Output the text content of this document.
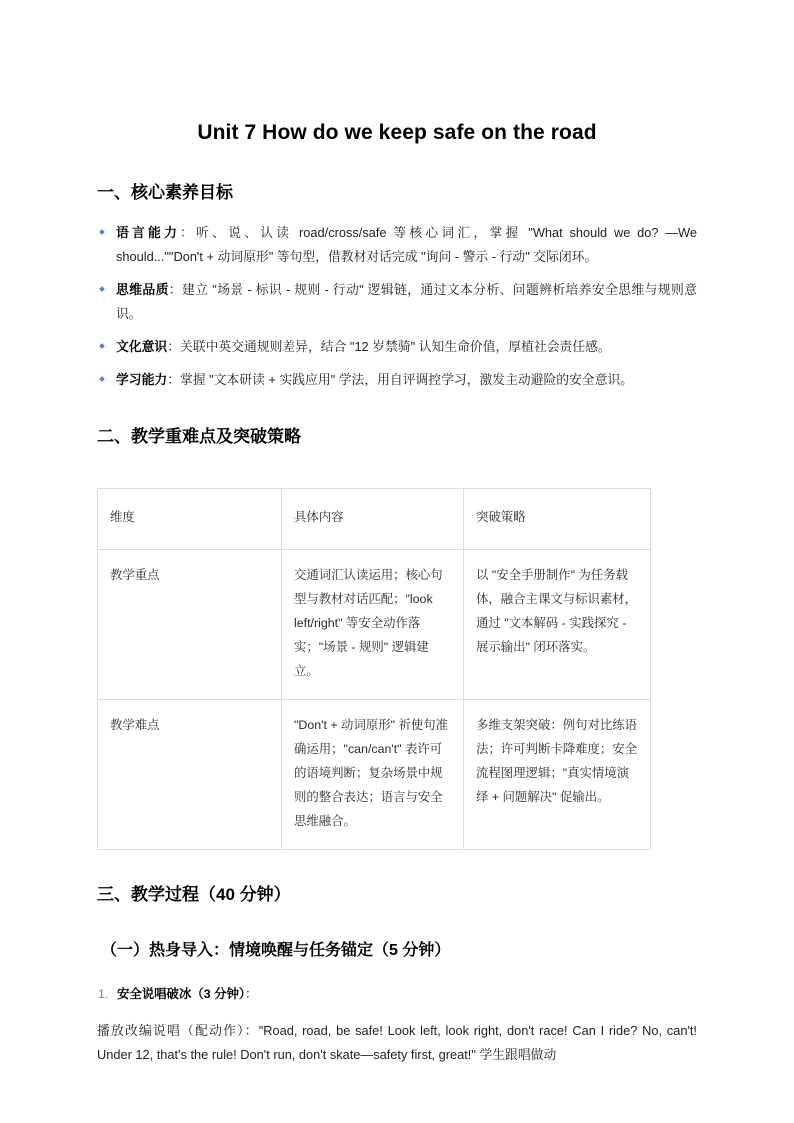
Unit 7 How do we keep safe on the road
一、核心素养目标
语言能力：听、说、认读 road/cross/safe 等核心词汇，掌握 "What should we do? —We should...""Don't + 动词原形" 等句型，借教材对话完成 "询问 - 警示 - 行动" 交际闭环。
思维品质：建立 "场景 - 标识 - 规则 - 行动" 逻辑链，通过文本分析、问题辨析培养安全思维与规则意识。
文化意识：关联中英交通规则差异，结合 "12 岁禁骑" 认知生命价值，厚植社会责任感。
学习能力：掌握 "文本研读 + 实践应用" 学法，用自评调控学习，激发主动避险的安全意识。
二、教学重难点及突破策略
维度	具体内容	突破策略
教学重点	交通词汇认读运用；核心句型与教材对话匹配；"look left/right" 等安全动作落实；"场景 - 规则" 逻辑建立。	以 "安全手册制作" 为任务载体，融合主课文与标识素材，通过 "文本解码 - 实践探究 - 展示输出" 闭环落实。
教学难点	"Don't + 动词原形" 祈使句准确运用；"can/can't" 表许可的语境判断；复杂场景中规则的整合表达；语言与安全思维融合。	多维支架突破：例句对比练语法；许可判断卡降难度；安全流程图理逻辑；"真实情境演绎 + 问题解决" 促输出。
三、教学过程（40 分钟）
（一）热身导入：情境唤醒与任务锚定（5 分钟）
1. 安全说唱破冰（3 分钟）：

播放改编说唱（配动作）："Road, road, be safe! Look left, look right, don't race! Can I ride? No, can't! Under 12, that's the rule! Don't run, don't skate—safety first, great!" 学生跟唱做动
